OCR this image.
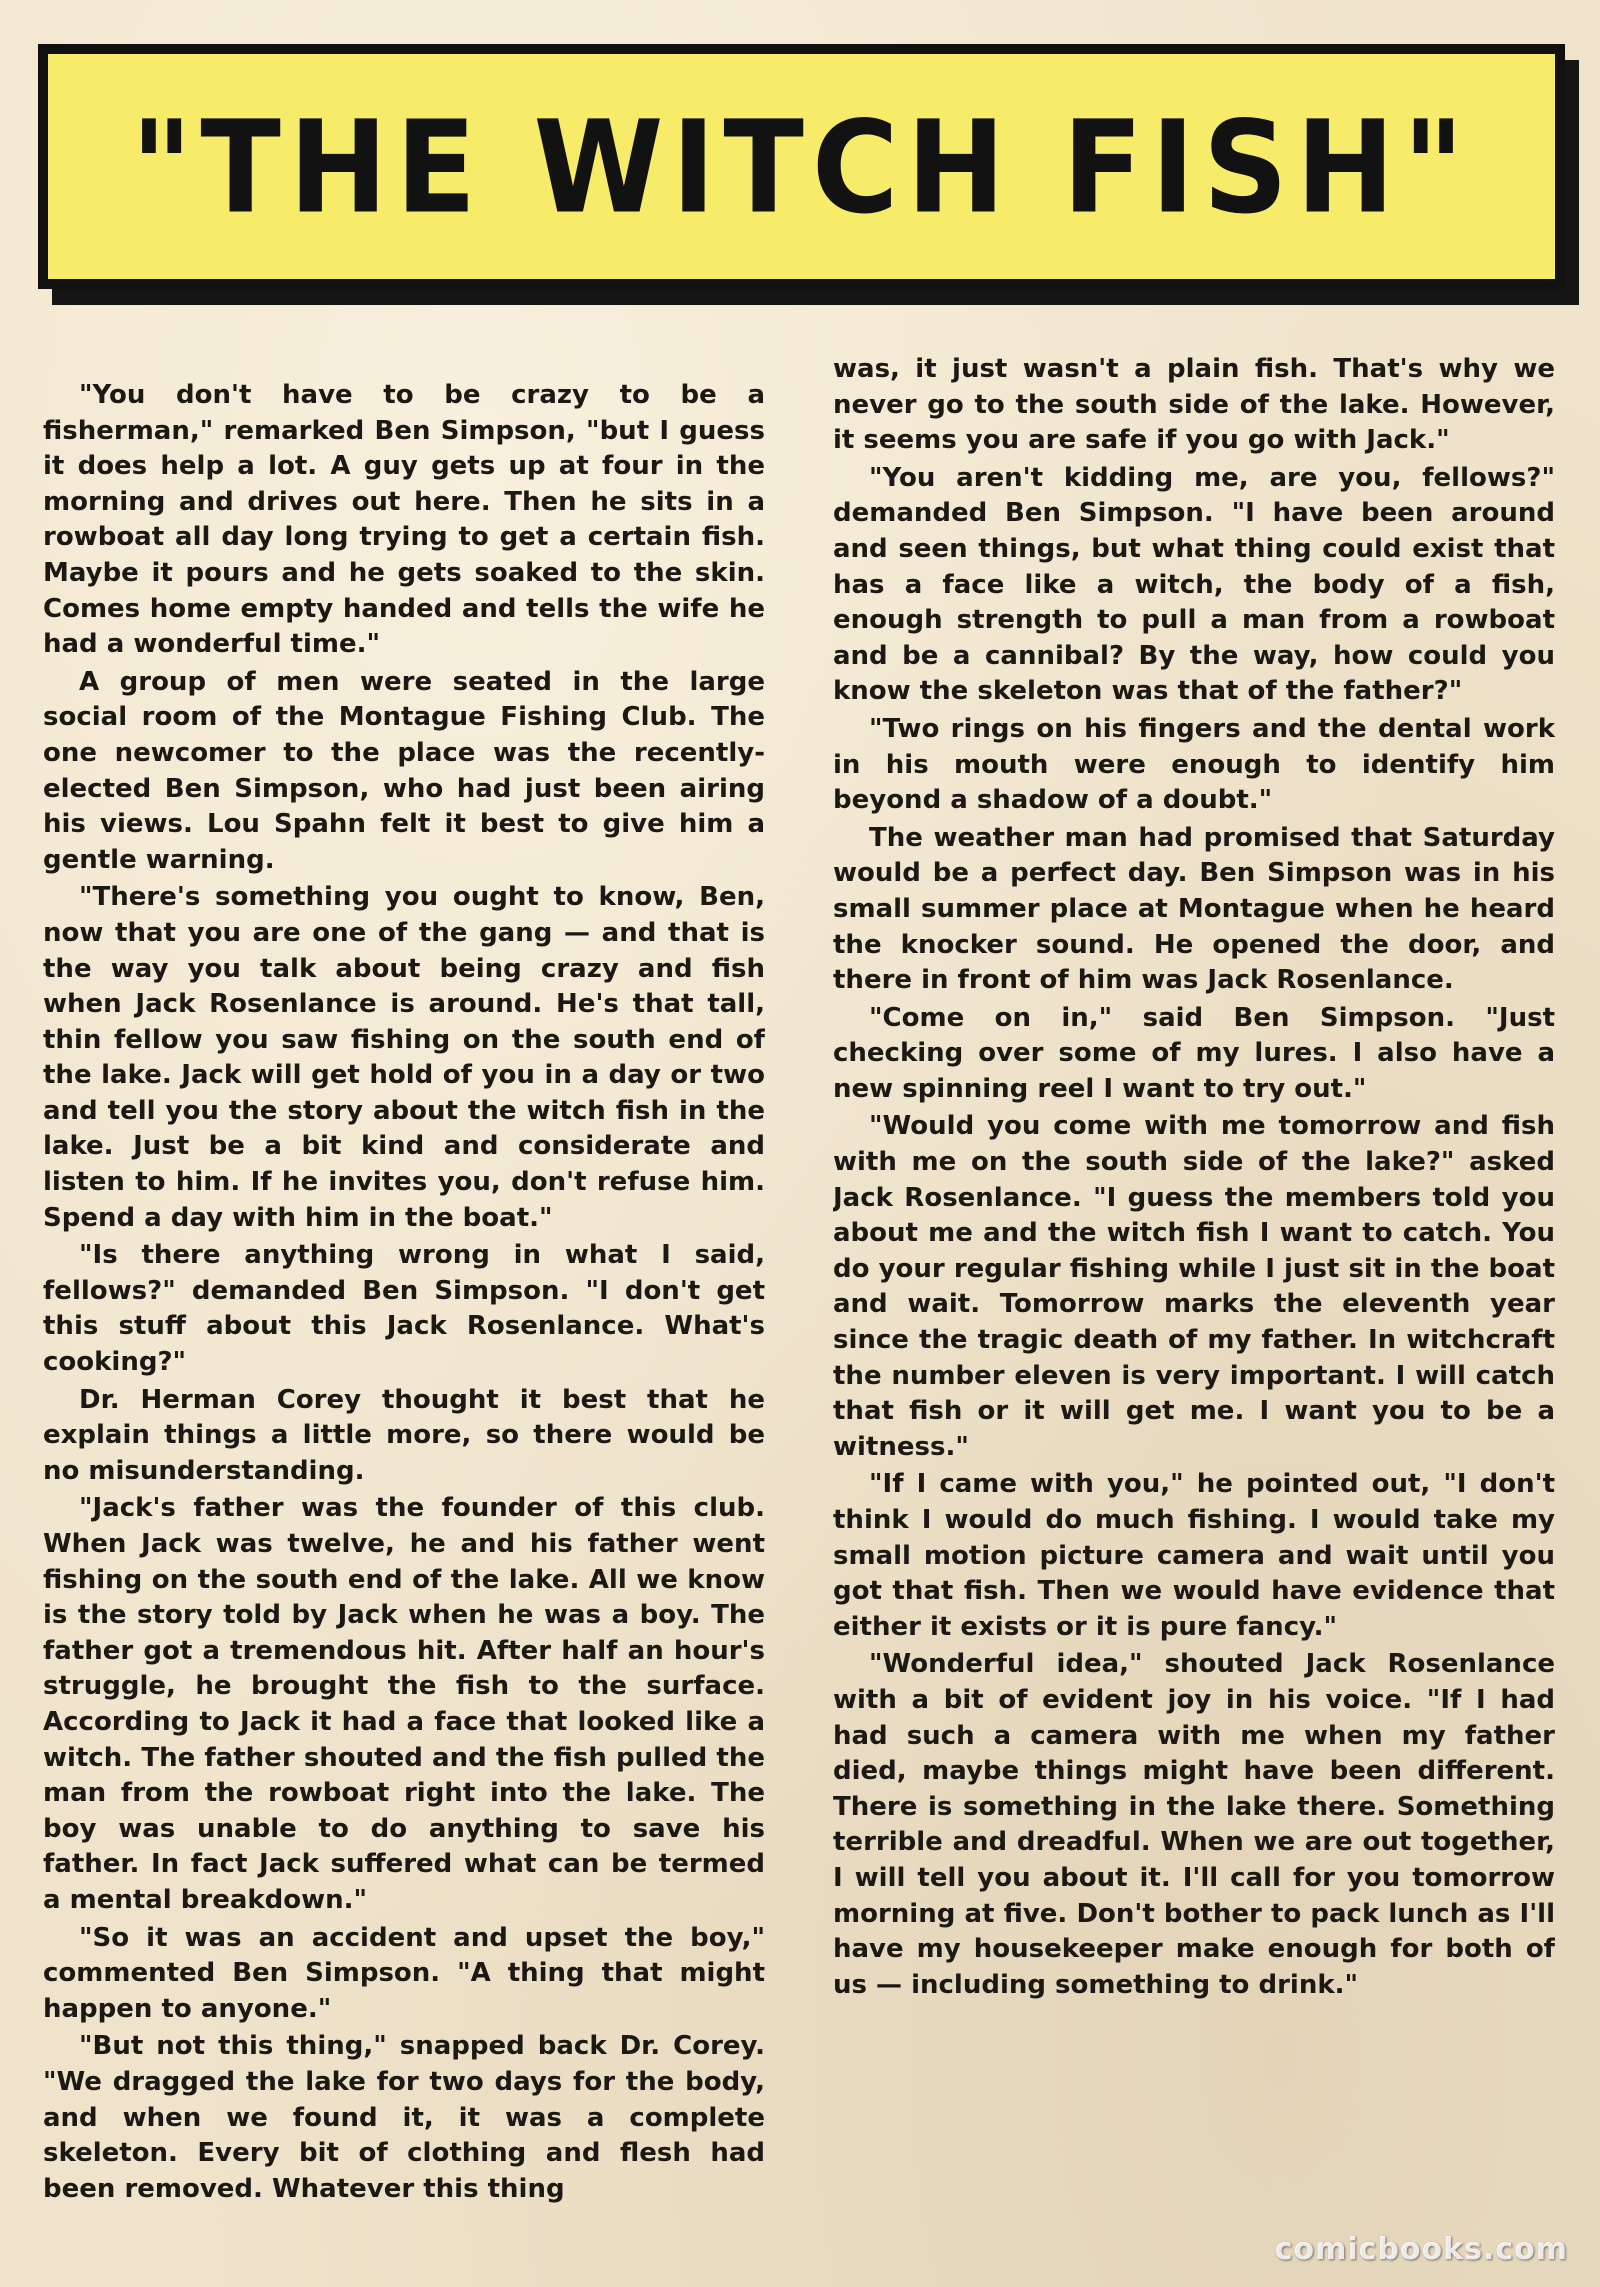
"THE WITCH FISH"

"You don't have to be crazy to be a fisherman," remarked Ben Simpson, "but I guess it does help a lot. A guy gets up at four in the morning and drives out here. Then he sits in a rowboat all day long trying to get a certain fish. Maybe it pours and he gets soaked to the skin. Comes home empty handed and tells the wife he had a wonderful time."

A group of men were seated in the large social room of the Montague Fishing Club. The one newcomer to the place was the recently-elected Ben Simpson, who had just been airing his views. Lou Spahn felt it best to give him a gentle warning.

"There's something you ought to know, Ben, now that you are one of the gang — and that is the way you talk about being crazy and fish when Jack Rosenlance is around. He's that tall, thin fellow you saw fishing on the south end of the lake. Jack will get hold of you in a day or two and tell you the story about the witch fish in the lake. Just be a bit kind and considerate and listen to him. If he invites you, don't refuse him. Spend a day with him in the boat."

"Is there anything wrong in what I said, fellows?" demanded Ben Simpson. "I don't get this stuff about this Jack Rosenlance. What's cooking?"

Dr. Herman Corey thought it best that he explain things a little more, so there would be no misunderstanding.

"Jack's father was the founder of this club. When Jack was twelve, he and his father went fishing on the south end of the lake. All we know is the story told by Jack when he was a boy. The father got a tremendous hit. After half an hour's struggle, he brought the fish to the surface. According to Jack it had a face that looked like a witch. The father shouted and the fish pulled the man from the rowboat right into the lake. The boy was unable to do anything to save his father. In fact Jack suffered what can be termed a mental breakdown."

"So it was an accident and upset the boy," commented Ben Simpson. "A thing that might happen to anyone."

"But not this thing," snapped back Dr. Corey. "We dragged the lake for two days for the body, and when we found it, it was a complete skeleton. Every bit of clothing and flesh had been removed. Whatever this thing

was, it just wasn't a plain fish. That's why we never go to the south side of the lake. However, it seems you are safe if you go with Jack."

"You aren't kidding me, are you, fellows?" demanded Ben Simpson. "I have been around and seen things, but what thing could exist that has a face like a witch, the body of a fish, enough strength to pull a man from a rowboat and be a cannibal? By the way, how could you know the skeleton was that of the father?"

"Two rings on his fingers and the dental work in his mouth were enough to identify him beyond a shadow of a doubt."

The weather man had promised that Saturday would be a perfect day. Ben Simpson was in his small summer place at Montague when he heard the knocker sound. He opened the door, and there in front of him was Jack Rosenlance.

"Come on in," said Ben Simpson. "Just checking over some of my lures. I also have a new spinning reel I want to try out."

"Would you come with me tomorrow and fish with me on the south side of the lake?" asked Jack Rosenlance. "I guess the members told you about me and the witch fish I want to catch. You do your regular fishing while I just sit in the boat and wait. Tomorrow marks the eleventh year since the tragic death of my father. In witchcraft the number eleven is very important. I will catch that fish or it will get me. I want you to be a witness."

"If I came with you," he pointed out, "I don't think I would do much fishing. I would take my small motion picture camera and wait until you got that fish. Then we would have evidence that either it exists or it is pure fancy."

"Wonderful idea," shouted Jack Rosenlance with a bit of evident joy in his voice. "If I had had such a camera with me when my father died, maybe things might have been different. There is something in the lake there. Something terrible and dreadful. When we are out together, I will tell you about it. I'll call for you tomorrow morning at five. Don't bother to pack lunch as I'll have my housekeeper make enough for both of us — including something to drink."

comicbooks.com
